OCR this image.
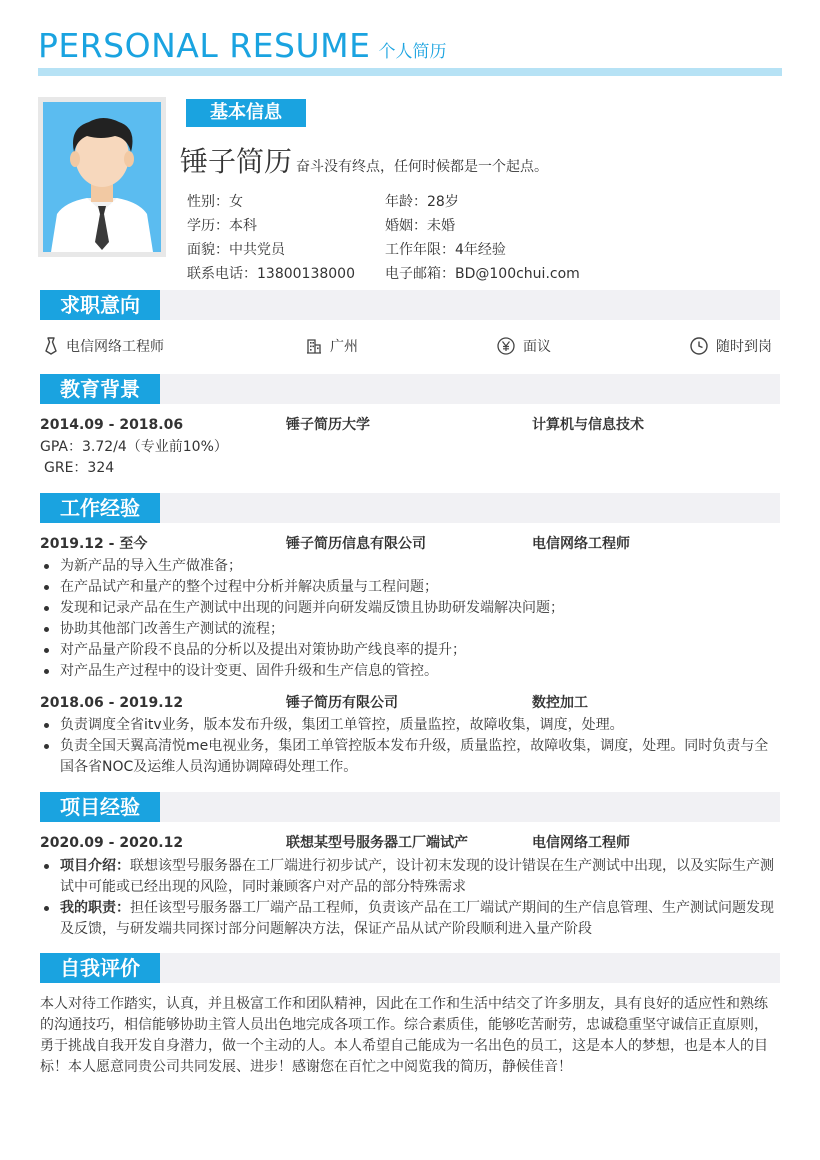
PERSONAL RESUME 个人简历
基本信息
锤子简历 奋斗没有终点，任何时候都是一个起点。
性别：女	年龄：28岁
学历：本科	婚姻：未婚
面貌：中共党员	工作年限：4年经验
联系电话：13800138000	电子邮箱：BD@100chui.com
求职意向
电信网络工程师	广州	面议	随时到岗
教育背景
2014.09 - 2018.06	锤子简历大学	计算机与信息技术
GPA：3.72/4（专业前10%）
GRE：324
工作经验
2019.12 - 至今	锤子简历信息有限公司	电信网络工程师
为新产品的导入生产做准备；
在产品试产和量产的整个过程中分析并解决质量与工程问题；
发现和记录产品在生产测试中出现的问题并向研发端反馈且协助研发端解决问题；
协助其他部门改善生产测试的流程；
对产品量产阶段不良品的分析以及提出对策协助产线良率的提升；
对产品生产过程中的设计变更、固件升级和生产信息的管控。
2018.06 - 2019.12	锤子简历有限公司	数控加工
负责调度全省itv业务，版本发布升级，集团工单管控，质量监控，故障收集，调度，处理。
负责全国天翼高清悦me电视业务，集团工单管控版本发布升级，质量监控，故障收集，调度，处理。同时负责与全国各省NOC及运维人员沟通协调障碍处理工作。
项目经验
2020.09 - 2020.12	联想某型号服务器工厂端试产	电信网络工程师
项目介绍：联想该型号服务器在工厂端进行初步试产，设计初末发现的设计错误在生产测试中出现，以及实际生产测试中可能或已经出现的风险，同时兼顾客户对产品的部分特殊需求
我的职责：担任该型号服务器工厂端产品工程师，负责该产品在工厂端试产期间的生产信息管理、生产测试问题发现及反馈，与研发端共同探讨部分问题解决方法，保证产品从试产阶段顺利进入量产阶段
自我评价
本人对待工作踏实，认真，并且极富工作和团队精神，因此在工作和生活中结交了许多朋友，具有良好的适应性和熟练的沟通技巧，相信能够协助主管人员出色地完成各项工作。综合素质佳，能够吃苦耐劳，忠诚稳重坚守诚信正直原则，勇于挑战自我开发自身潜力，做一个主动的人。本人希望自己能成为一名出色的员工，这是本人的梦想，也是本人的目标！本人愿意同贵公司共同发展、进步！感谢您在百忙之中阅览我的简历，静候佳音！
